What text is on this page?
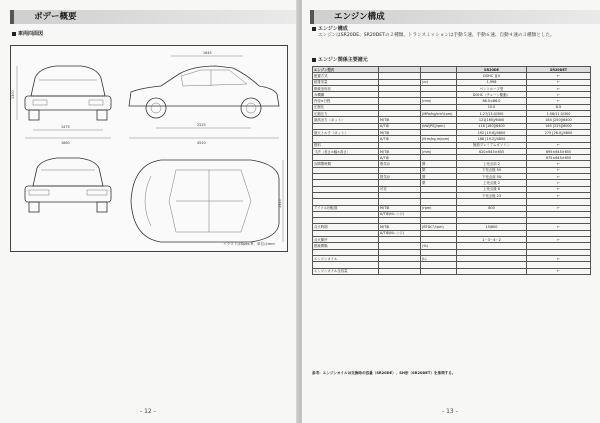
ボデー概要
車両四面図
1475
1680
1300
1645
2525
4520
1325
イラストはSpec-R、単位はmm
- 12 -
エンジン構成
エンジン構成
エンジンはSR20DE、SR20DETの２種類、トランスミッションは手動５速、手動６速、自動４速の３種類とした。
エンジン関係主要諸元
エンジン型式			SR20DE	SR20DET
配置方式			DOHC 直4	←
総排気量		(cc)	1,998	←
燃焼室形状			ペントルーフ型	←
弁機構			DOHC（チェーン駆動）	←
内径×行程		(mm)	86.0×86.0	←
圧縮比			10.0	8.5
圧縮圧力		(MPa/kg/cm²/rpm)	1.27/13.0/300	1.08/11.0/300
最高出力（ネット）	M/T車		121[165]/6400	184 [250]/6400
	A/T車	(kW[PS]/rpm)	118 [160]/6400	165 [225]/6000
最大トルク（ネット）	M/T車		192 [19.6]/4800	275 [28.0]/4800
	A/T車	(N·m/kg-m/rpm)	188 [19.2]/4800	
燃料			無鉛プレミアムガソリン	←
寸法（長さ×幅×高さ）	M/T車	(mm)	620×645×655	695×645×655
	A/T車			675×645×655
弁開閉時期	吸気弁	開	上死点前 2	←
		閉	下死点後 50	←
	排気弁	開	下死点前 50	←
		閉	上死点後 2	←
	可変		上死点後 8	←
			下死点後 23	←

アイドル回転数	M/T車	(rpm)	800	←
	A/T車(Nレンジ)			

点火時期	M/T車	(BTDC°/rpm)	15/800	←
	A/T車(Nレンジ)			
点火順序			1－3－4－2	←
燃焼間隔		(%)		

エンジンオイル		(L)		←

エンジンオイル全容量				←
参考：エンジンオイルは交換時の容量（SR20DE）、SH形（SR20DET）を推奨する。
- 13 -
